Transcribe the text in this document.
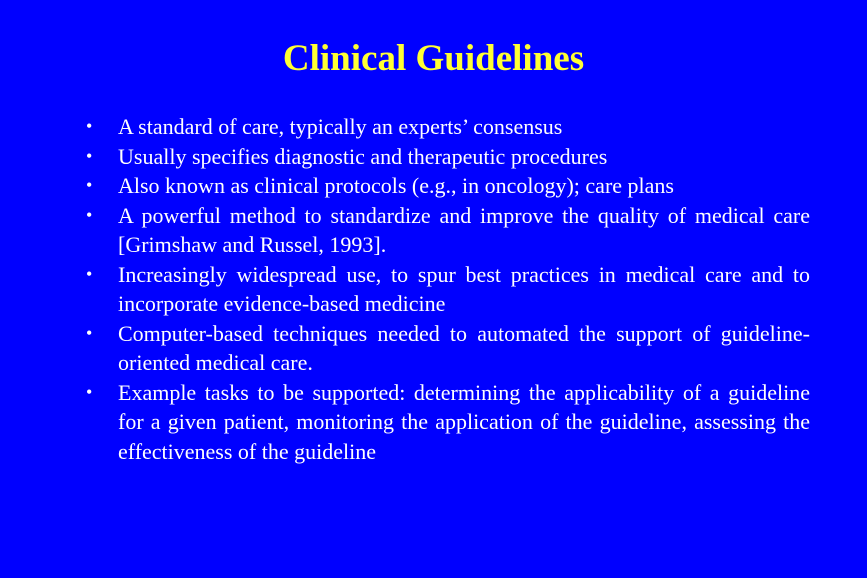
Clinical Guidelines
• A standard of care, typically an experts’ consensus
• Usually specifies diagnostic and therapeutic procedures
• Also known as clinical protocols (e.g., in oncology); care plans
• A powerful method to standardize and improve the quality of medical care [Grimshaw and Russel, 1993].
• Increasingly widespread use, to spur best practices in medical care and to incorporate evidence-based medicine
• Computer-based techniques needed to automated the support of guideline-oriented medical care.
• Example tasks to be supported: determining the applicability of a guideline for a given patient, monitoring the application of the guideline, assessing the effectiveness of the guideline
